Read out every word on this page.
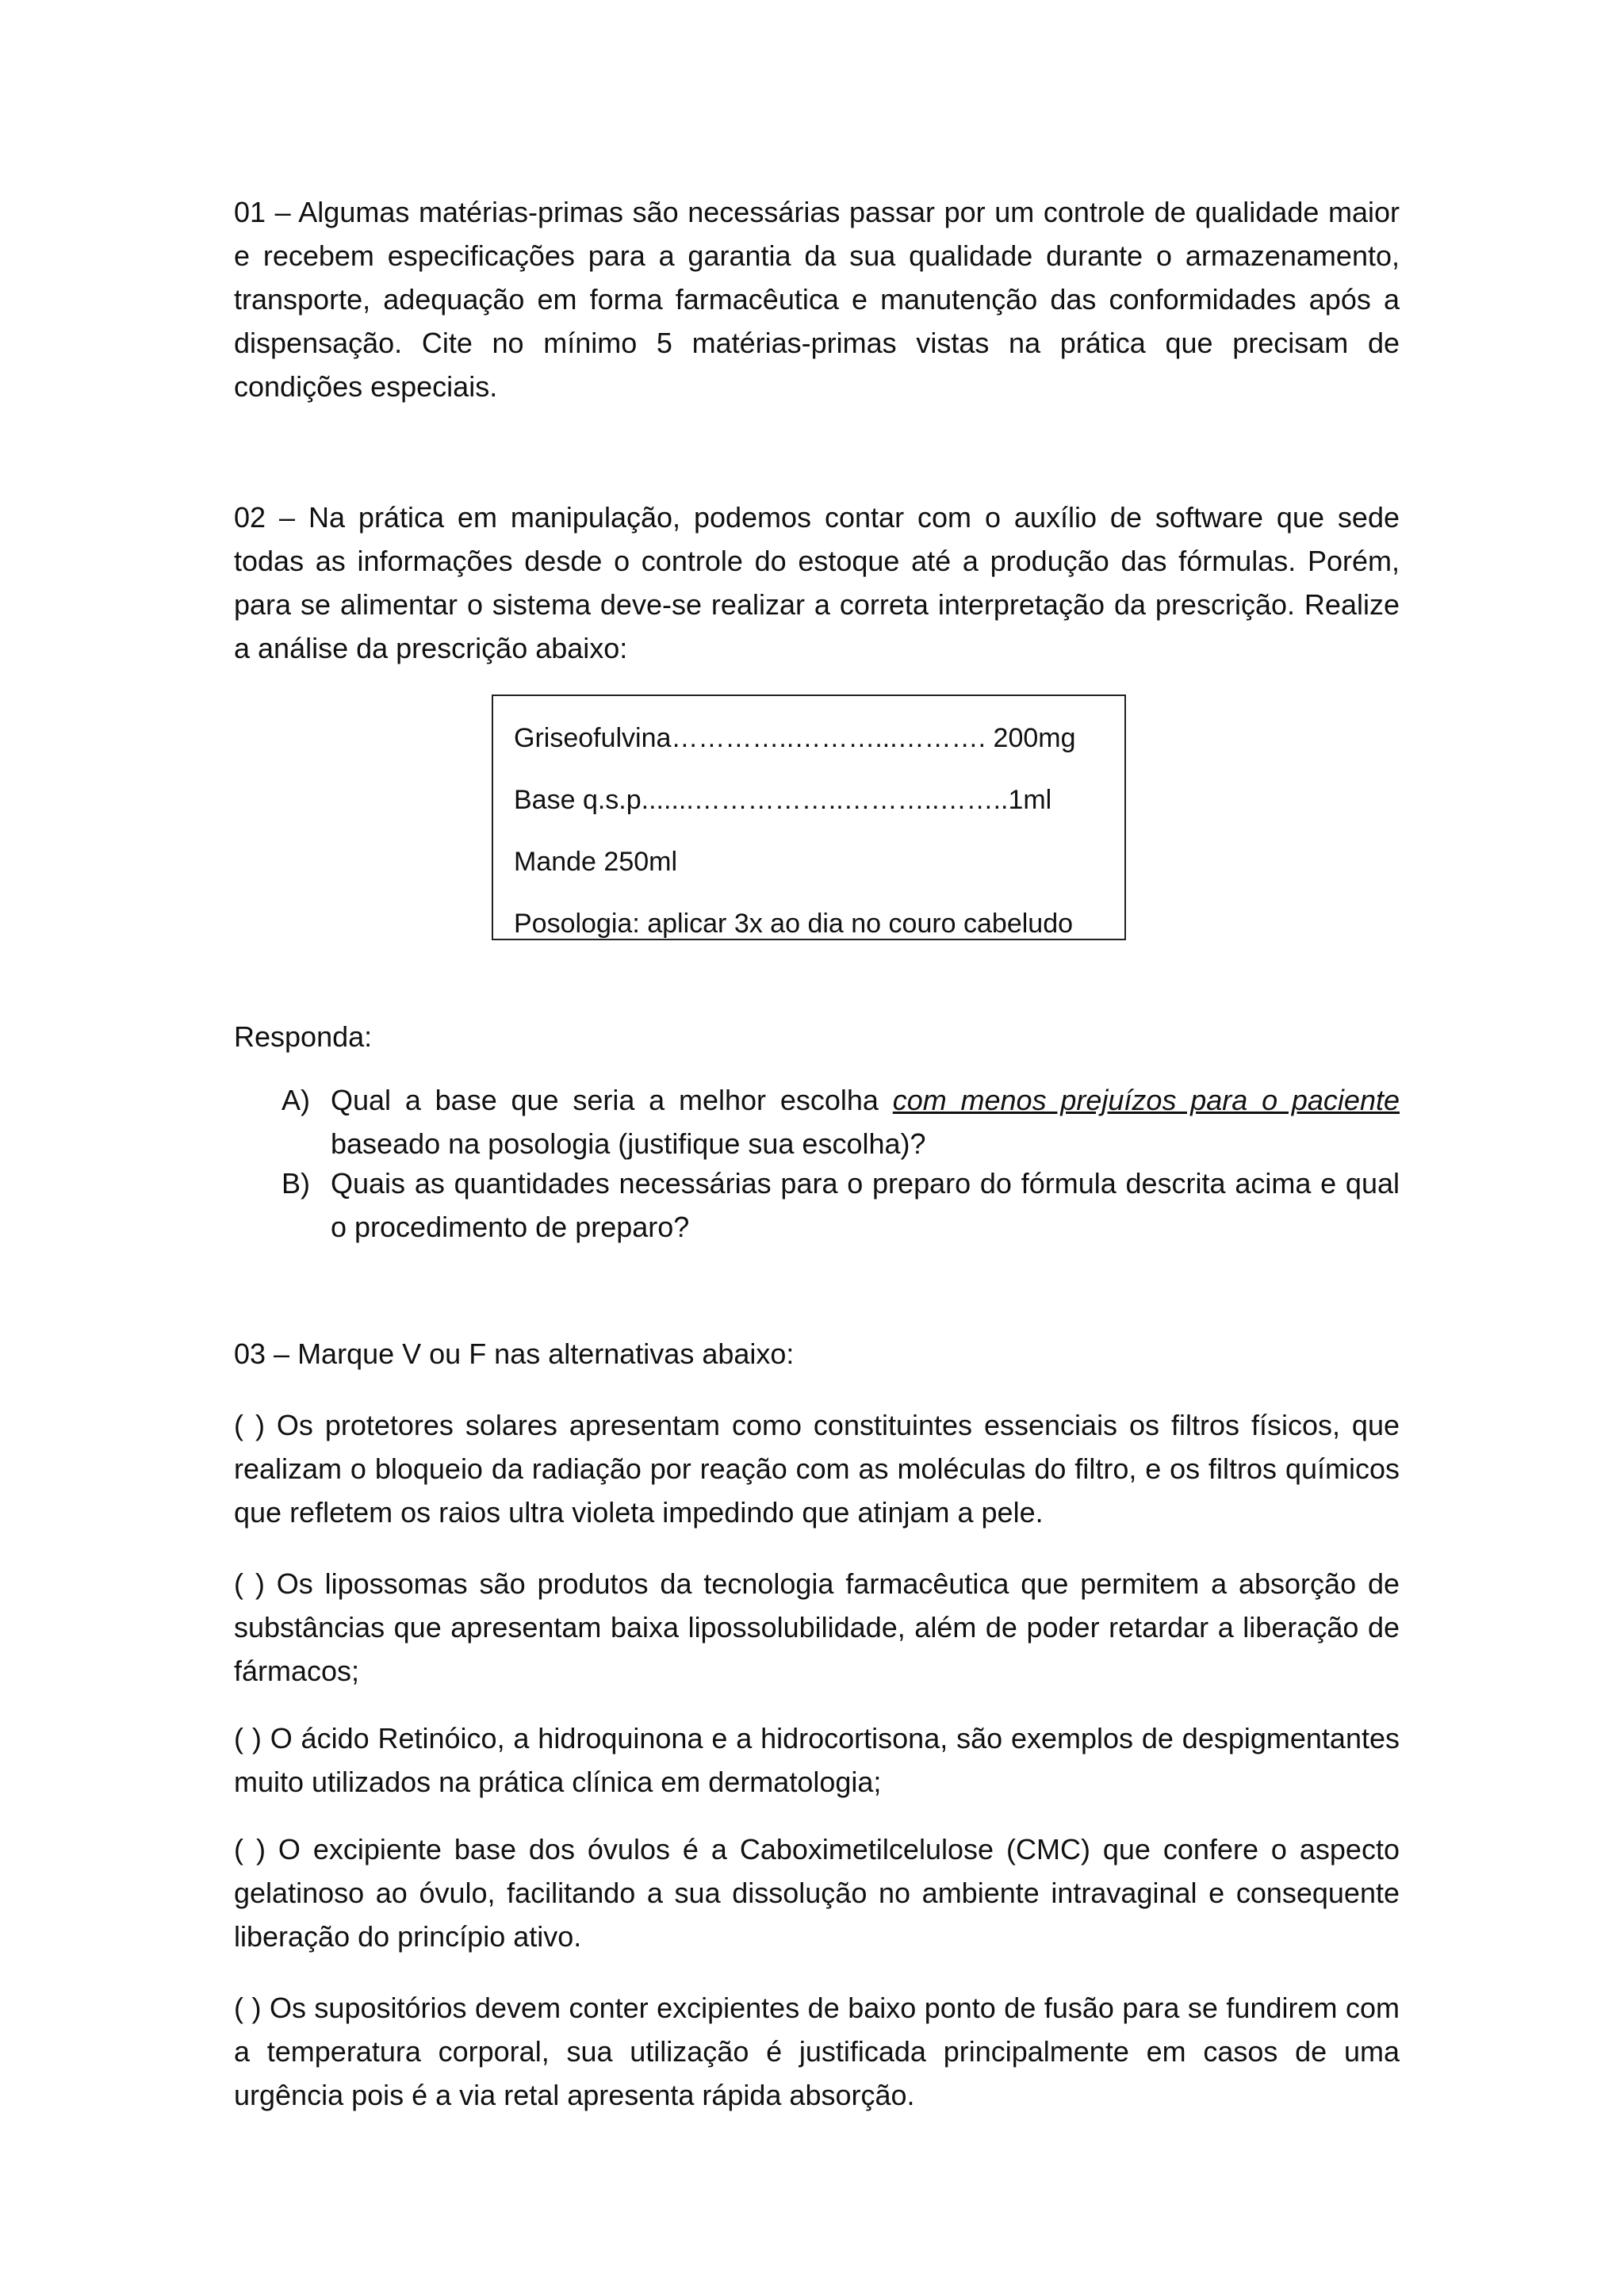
01 – Algumas matérias-primas são necessárias passar por um controle de qualidade maior e recebem especificações para a garantia da sua qualidade durante o armazenamento, transporte, adequação em forma farmacêutica e manutenção das conformidades após a dispensação. Cite no mínimo 5 matérias-primas vistas na prática que precisam de condições especiais.

02 – Na prática em manipulação, podemos contar com o auxílio de software que sede todas as informações desde o controle do estoque até a produção das fórmulas. Porém, para se alimentar o sistema deve-se realizar a correta interpretação da prescrição. Realize a análise da prescrição abaixo:

Griseofulvina…………..………...………. 200mg
Base q.s.p.......……………..………..……..1ml
Mande 250ml
Posologia: aplicar 3x ao dia no couro cabeludo
Responda:
A) Qual a base que seria a melhor escolha com menos prejuízos para o paciente baseado na posologia (justifique sua escolha)?
B) Quais as quantidades necessárias para o preparo do fórmula descrita acima e qual o procedimento de preparo?
03 – Marque V ou F nas alternativas abaixo:

( ) Os protetores solares apresentam como constituintes essenciais os filtros físicos, que realizam o bloqueio da radiação por reação com as moléculas do filtro, e os filtros químicos que refletem os raios ultra violeta impedindo que atinjam a pele.

( ) Os lipossomas são produtos da tecnologia farmacêutica que permitem a absorção de substâncias que apresentam baixa lipossolubilidade, além de poder retardar a liberação de fármacos;

( ) O ácido Retinóico, a hidroquinona e a hidrocortisona, são exemplos de despigmentantes muito utilizados na prática clínica em dermatologia;

( ) O excipiente base dos óvulos é a Caboximetilcelulose (CMC) que confere o aspecto gelatinoso ao óvulo, facilitando a sua dissolução no ambiente intravaginal e consequente liberação do princípio ativo.

( ) Os supositórios devem conter excipientes de baixo ponto de fusão para se fundirem com a temperatura corporal, sua utilização é justificada principalmente em casos de uma urgência pois é a via retal apresenta rápida absorção.
